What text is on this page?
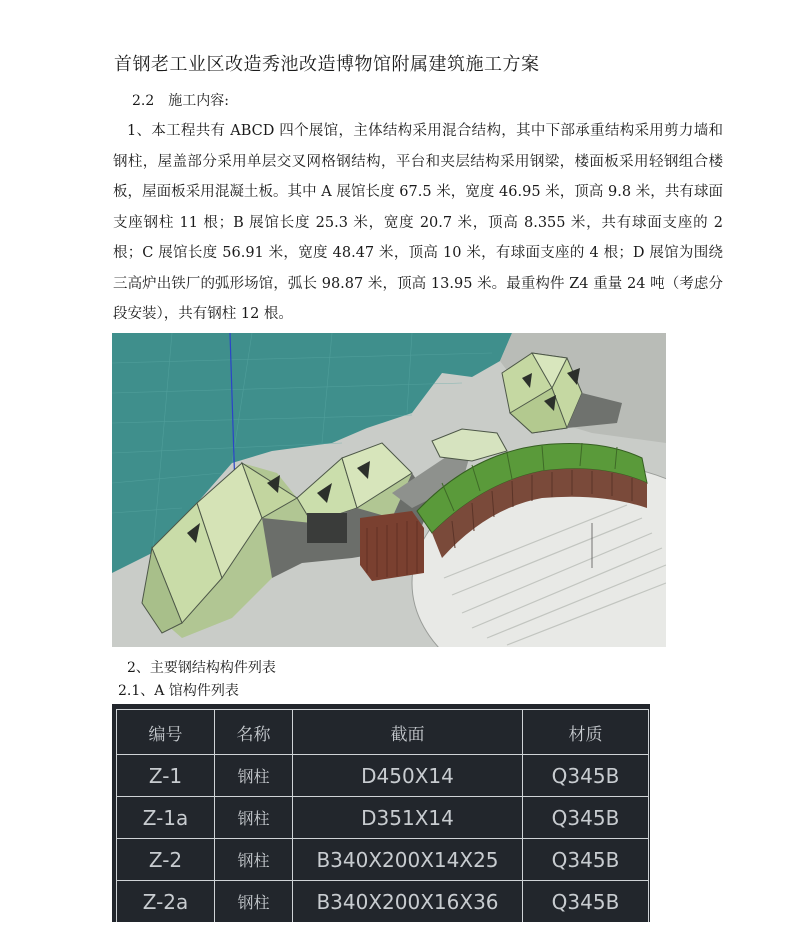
首钢老工业区改造秀池改造博物馆附属建筑施工方案
2.2　施工内容:
1、本工程共有 ABCD 四个展馆，主体结构采用混合结构，其中下部承重结构采用剪力墙和钢柱，屋盖部分采用单层交叉网格钢结构，平台和夹层结构采用钢梁，楼面板采用轻钢组合楼板，屋面板采用混凝土板。其中 A 展馆长度 67.5 米，宽度 46.95 米，顶高 9.8 米，共有球面支座钢柱 11 根；B 展馆长度 25.3 米，宽度 20.7 米，顶高 8.355 米，共有球面支座的 2 根；C 展馆长度 56.91 米，宽度 48.47 米，顶高 10 米，有球面支座的 4 根；D 展馆为围绕三高炉出铁厂的弧形场馆，弧长 98.87 米，顶高 13.95 米。最重构件 Z4 重量 24 吨（考虑分段安装），共有钢柱 12 根。
2、主要钢结构构件列表
2.1、A 馆构件列表
编号	名称	截面	材质
Z-1	钢柱	D450X14	Q345B
Z-1a	钢柱	D351X14	Q345B
Z-2	钢柱	B340X200X14X25	Q345B
Z-2a	钢柱	B340X200X16X36	Q345B
